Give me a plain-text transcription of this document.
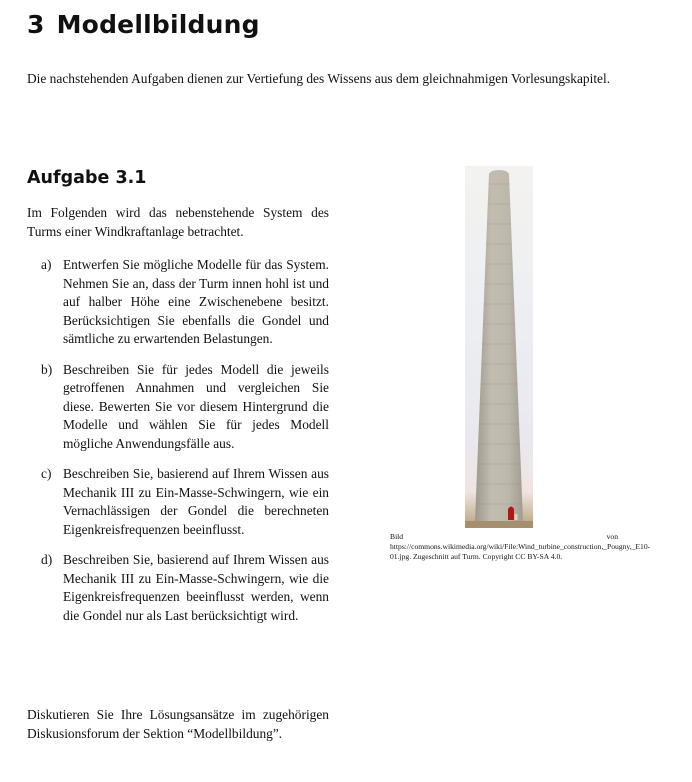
3 Modellbildung

Die nachstehenden Aufgaben dienen zur Vertiefung des Wissens aus dem gleichnahmigen Vorlesungskapitel.

Aufgabe 3.1

Im Folgenden wird das nebenstehende System des Turms einer Windkraftanlage betrachtet.

a) Entwerfen Sie mögliche Modelle für das System. Nehmen Sie an, dass der Turm innen hohl ist und auf halber Höhe eine Zwischenebene besitzt. Berücksichtigen Sie ebenfalls die Gondel und sämtliche zu erwartenden Belastungen.
b) Beschreiben Sie für jedes Modell die jeweils getroffenen Annahmen und vergleichen Sie diese. Bewerten Sie vor diesem Hintergrund die Modelle und wählen Sie für jedes Modell mögliche Anwendungsfälle aus.
c) Beschreiben Sie, basierend auf Ihrem Wissen aus Mechanik III zu Ein-Masse-Schwingern, wie ein Vernachlässigen der Gondel die berechneten Eigenkreisfrequenzen beeinflusst.
d) Beschreiben Sie, basierend auf Ihrem Wissen aus Mechanik III zu Ein-Masse-Schwingern, wie die Eigenkreisfrequenzen beeinflusst werden, wenn die Gondel nur als Last berücksichtigt wird.

Diskutieren Sie Ihre Lösungsansätze im zugehörigen Diskusionsforum der Sektion “Modellbildung”.

Bild von https://commons.wikimedia.org/wiki/File:Wind_turbine_construction,_Pougny,_E10-01.jpg. Zugeschnitt auf Turm. Copyright CC BY-SA 4.0.
